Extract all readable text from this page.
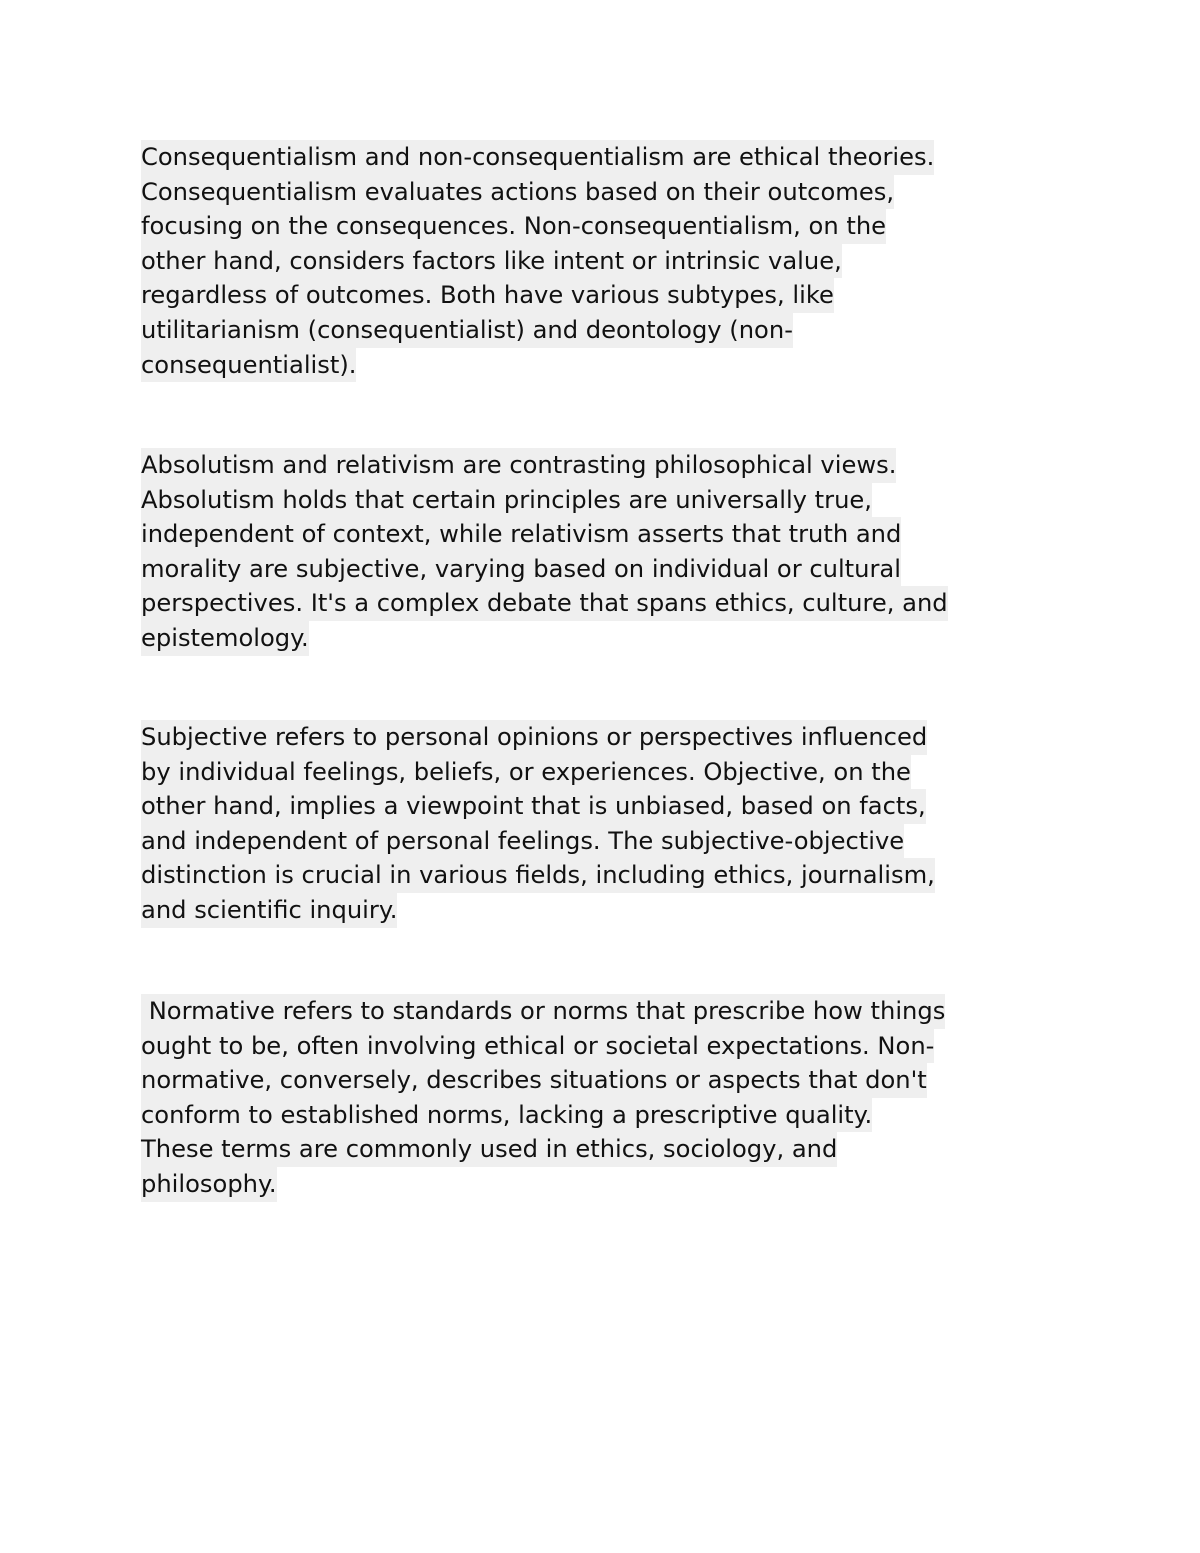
Consequentialism and non-consequentialism are ethical theories.
Consequentialism evaluates actions based on their outcomes,
focusing on the consequences. Non-consequentialism, on the
other hand, considers factors like intent or intrinsic value,
regardless of outcomes. Both have various subtypes, like
utilitarianism (consequentialist) and deontology (non-
consequentialist).

Absolutism and relativism are contrasting philosophical views.
Absolutism holds that certain principles are universally true,
independent of context, while relativism asserts that truth and
morality are subjective, varying based on individual or cultural
perspectives. It's a complex debate that spans ethics, culture, and
epistemology.

Subjective refers to personal opinions or perspectives influenced
by individual feelings, beliefs, or experiences. Objective, on the
other hand, implies a viewpoint that is unbiased, based on facts,
and independent of personal feelings. The subjective-objective
distinction is crucial in various fields, including ethics, journalism,
and scientific inquiry.

Normative refers to standards or norms that prescribe how things
ought to be, often involving ethical or societal expectations. Non-
normative, conversely, describes situations or aspects that don't
conform to established norms, lacking a prescriptive quality.
These terms are commonly used in ethics, sociology, and
philosophy.
